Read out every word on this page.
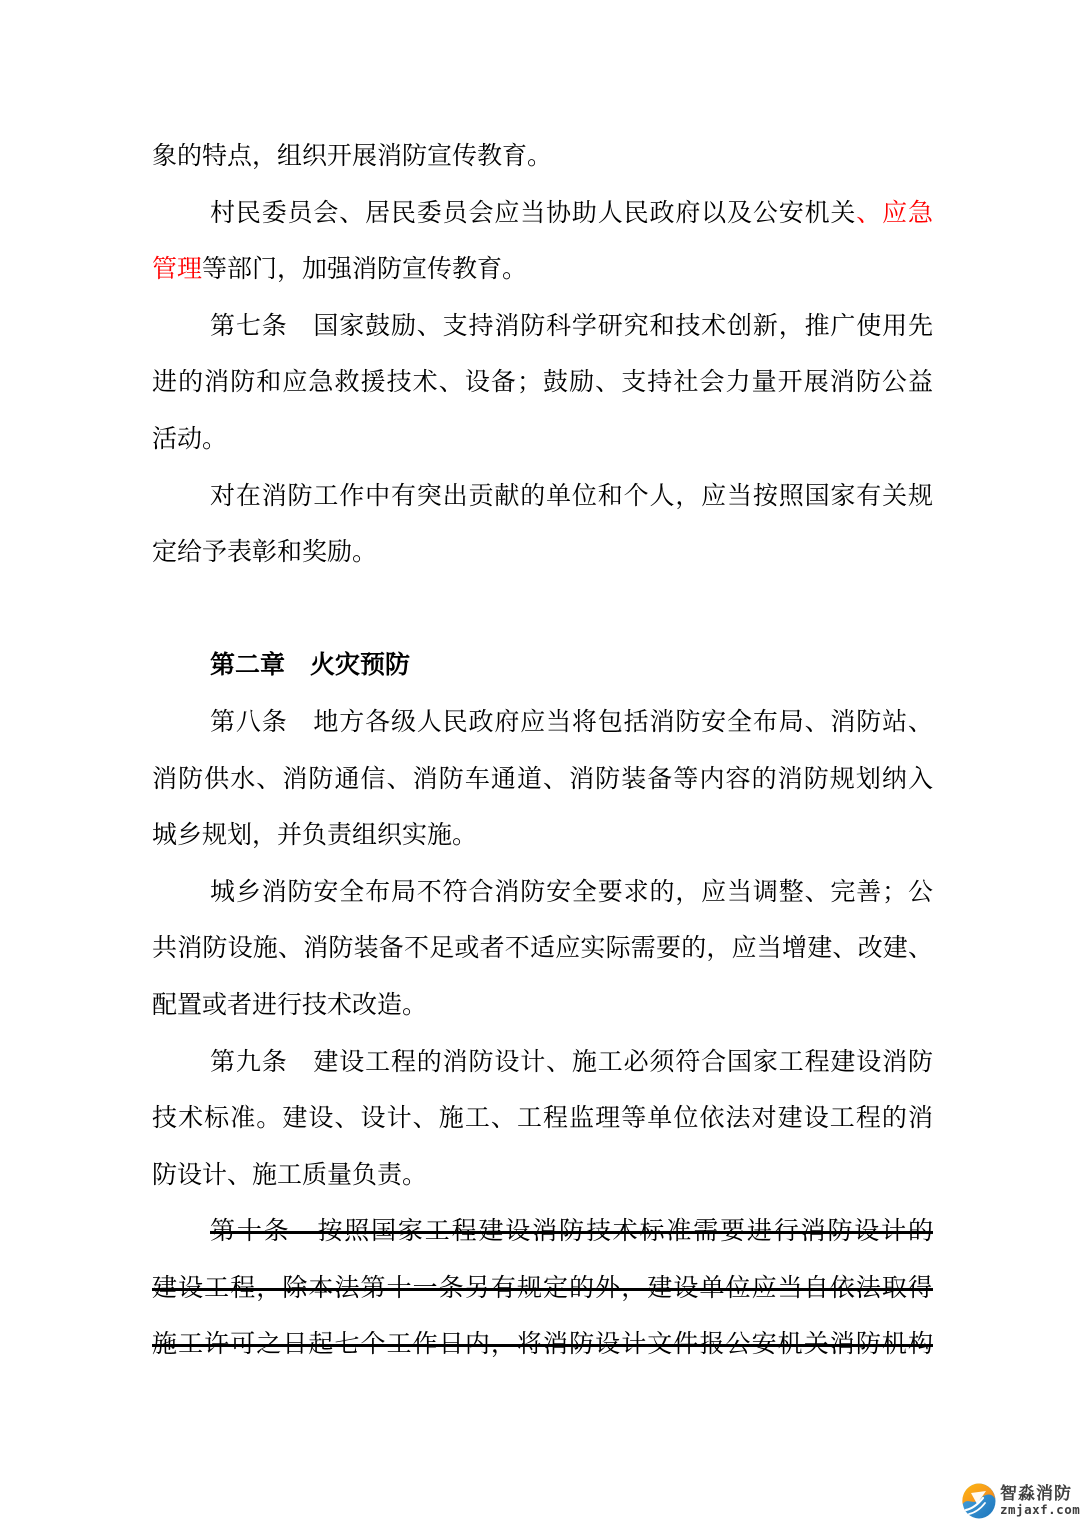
象的特点，组织开展消防宣传教育。
村民委员会、居民委员会应当协助人民政府以及公安机关、应急
管理等部门，加强消防宣传教育。
第七条　国家鼓励、支持消防科学研究和技术创新，推广使用先
进的消防和应急救援技术、设备；鼓励、支持社会力量开展消防公益
活动。
对在消防工作中有突出贡献的单位和个人，应当按照国家有关规
定给予表彰和奖励。
第二章　火灾预防
第八条　地方各级人民政府应当将包括消防安全布局、消防站、
消防供水、消防通信、消防车通道、消防装备等内容的消防规划纳入
城乡规划，并负责组织实施。
城乡消防安全布局不符合消防安全要求的，应当调整、完善；公
共消防设施、消防装备不足或者不适应实际需要的，应当增建、改建、
配置或者进行技术改造。
第九条　建设工程的消防设计、施工必须符合国家工程建设消防
技术标准。建设、设计、施工、工程监理等单位依法对建设工程的消
防设计、施工质量负责。
第十条　按照国家工程建设消防技术标准需要进行消防设计的
建设工程，除本法第十一条另有规定的外，建设单位应当自依法取得
施工许可之日起七个工作日内，将消防设计文件报公安机关消防机构
智淼消防
zmjaxf.com
